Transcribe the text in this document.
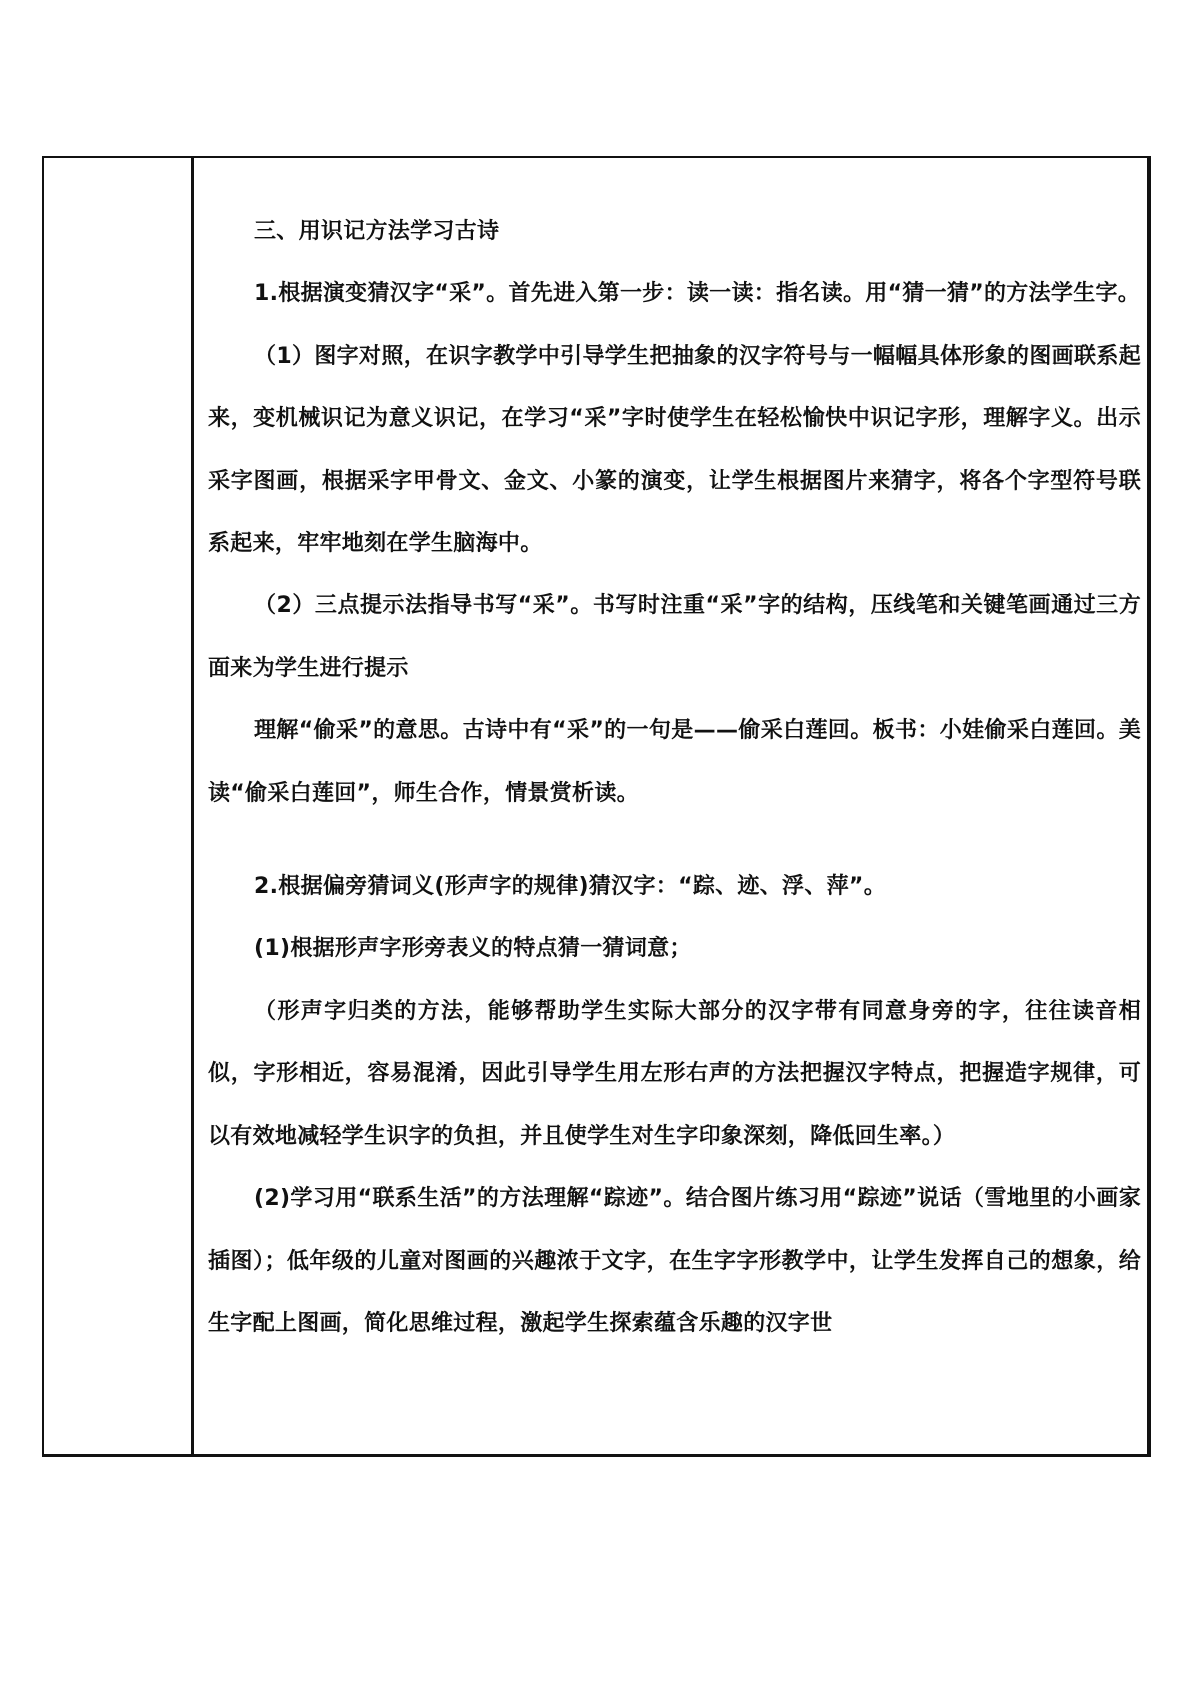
三、用识记方法学习古诗

1.根据演变猜汉字“采”。首先进入第一步：读一读：指名读。用“猜一猜”的方法学生字。

（1）图字对照，在识字教学中引导学生把抽象的汉字符号与一幅幅具体形象的图画联系起来，变机械识记为意义识记，在学习“采”字时使学生在轻松愉快中识记字形，理解字义。出示采字图画，根据采字甲骨文、金文、小篆的演变，让学生根据图片来猜字，将各个字型符号联系起来，牢牢地刻在学生脑海中。

（2）三点提示法指导书写“采”。书写时注重“采”字的结构，压线笔和关键笔画通过三方面来为学生进行提示

理解“偷采”的意思。古诗中有“采”的一句是——偷采白莲回。板书：小娃偷采白莲回。美读“偷采白莲回”，师生合作，情景赏析读。

2.根据偏旁猜词义(形声字的规律)猜汉字：“踪、迹、浮、萍”。

(1)根据形声字形旁表义的特点猜一猜词意；

（形声字归类的方法，能够帮助学生实际大部分的汉字带有同意身旁的字，往往读音相似，字形相近，容易混淆，因此引导学生用左形右声的方法把握汉字特点，把握造字规律，可以有效地减轻学生识字的负担，并且使学生对生字印象深刻，降低回生率。）

(2)学习用“联系生活”的方法理解“踪迹”。结合图片练习用“踪迹”说话（雪地里的小画家插图）；低年级的儿童对图画的兴趣浓于文字，在生字字形教学中，让学生发挥自己的想象，给生字配上图画，简化思维过程，激起学生探索蕴含乐趣的汉字世
